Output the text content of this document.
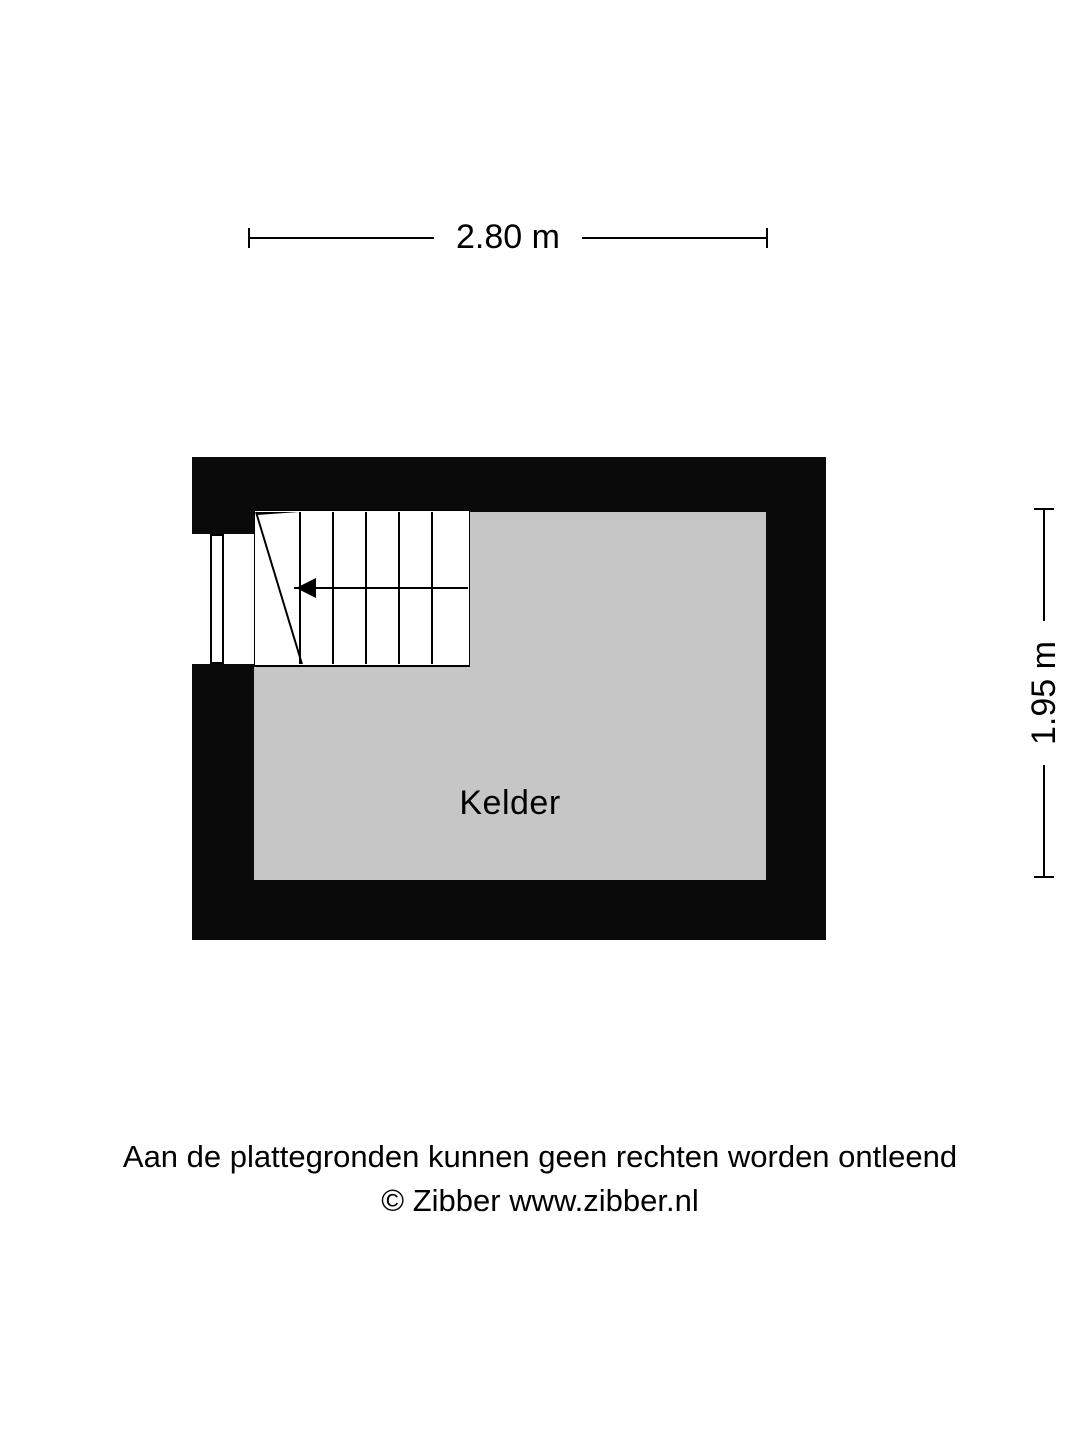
2.80 m
1.95 m
Kelder
Aan de plattegronden kunnen geen rechten worden ontleend
© Zibber www.zibber.nl
